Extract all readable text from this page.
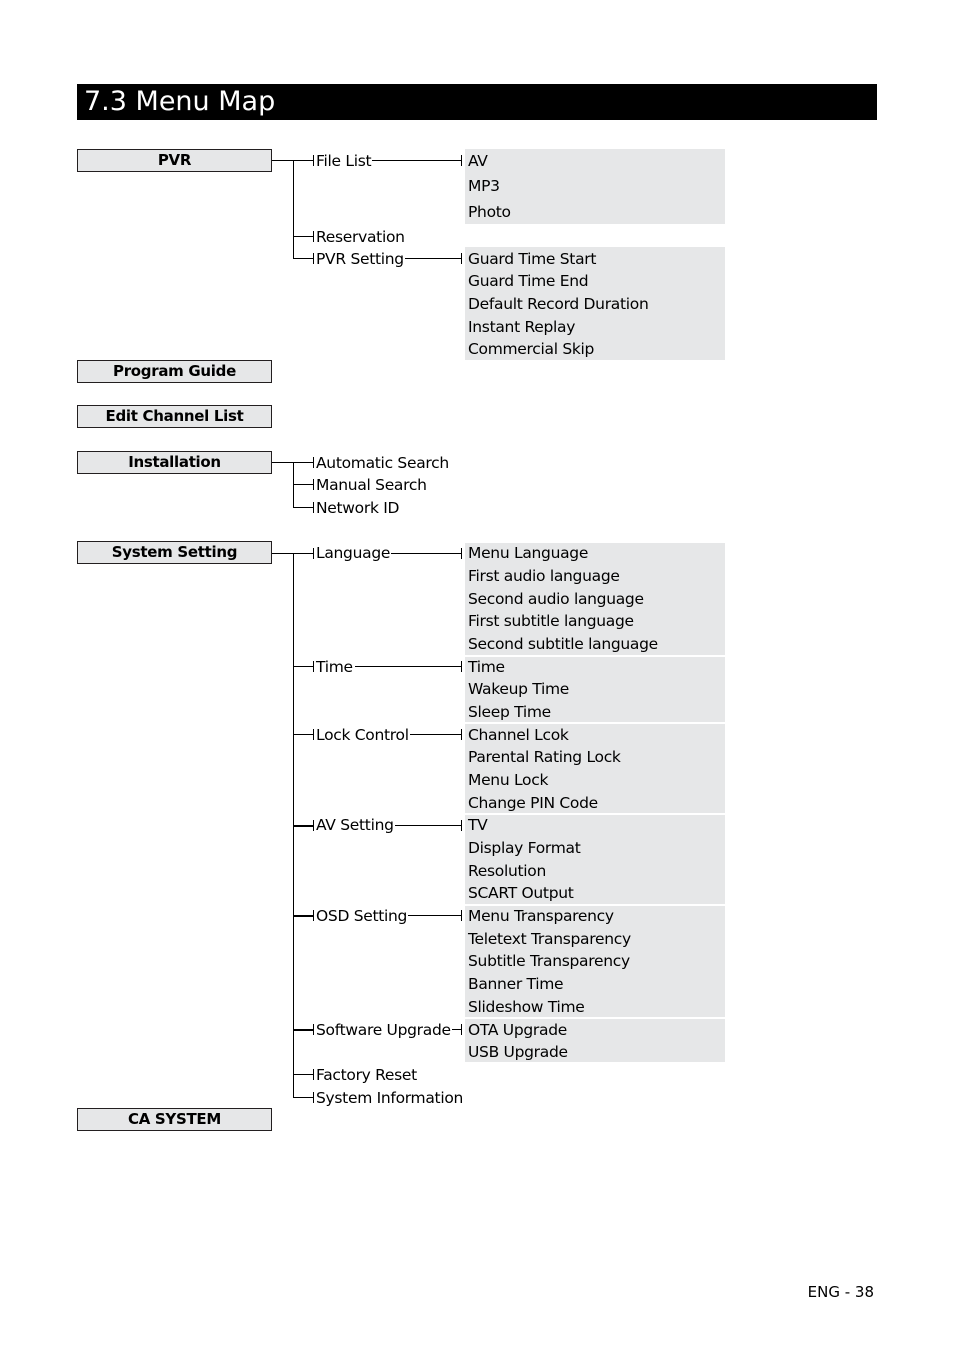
7.3 Menu Map
PVR
Program Guide
Edit Channel List
Installation
System Setting
CA SYSTEM
File List
Reservation
PVR Setting
AV
MP3
Photo
Guard Time Start
Guard Time End
Default Record Duration
Instant Replay
Commercial Skip
Automatic Search
Manual Search
Network ID
Language
Time
Lock Control
AV Setting
OSD Setting
Software Upgrade
Factory Reset
System Information
Menu Language
First audio language
Second audio language
First subtitle language
Second subtitle language
Time
Wakeup Time
Sleep Time
Channel Lcok
Parental Rating Lock
Menu Lock
Change PIN Code
TV
Display Format
Resolution
SCART Output
Menu Transparency
Teletext Transparency
Subtitle Transparency
Banner Time
Slideshow Time
OTA Upgrade
USB Upgrade
ENG - 38
